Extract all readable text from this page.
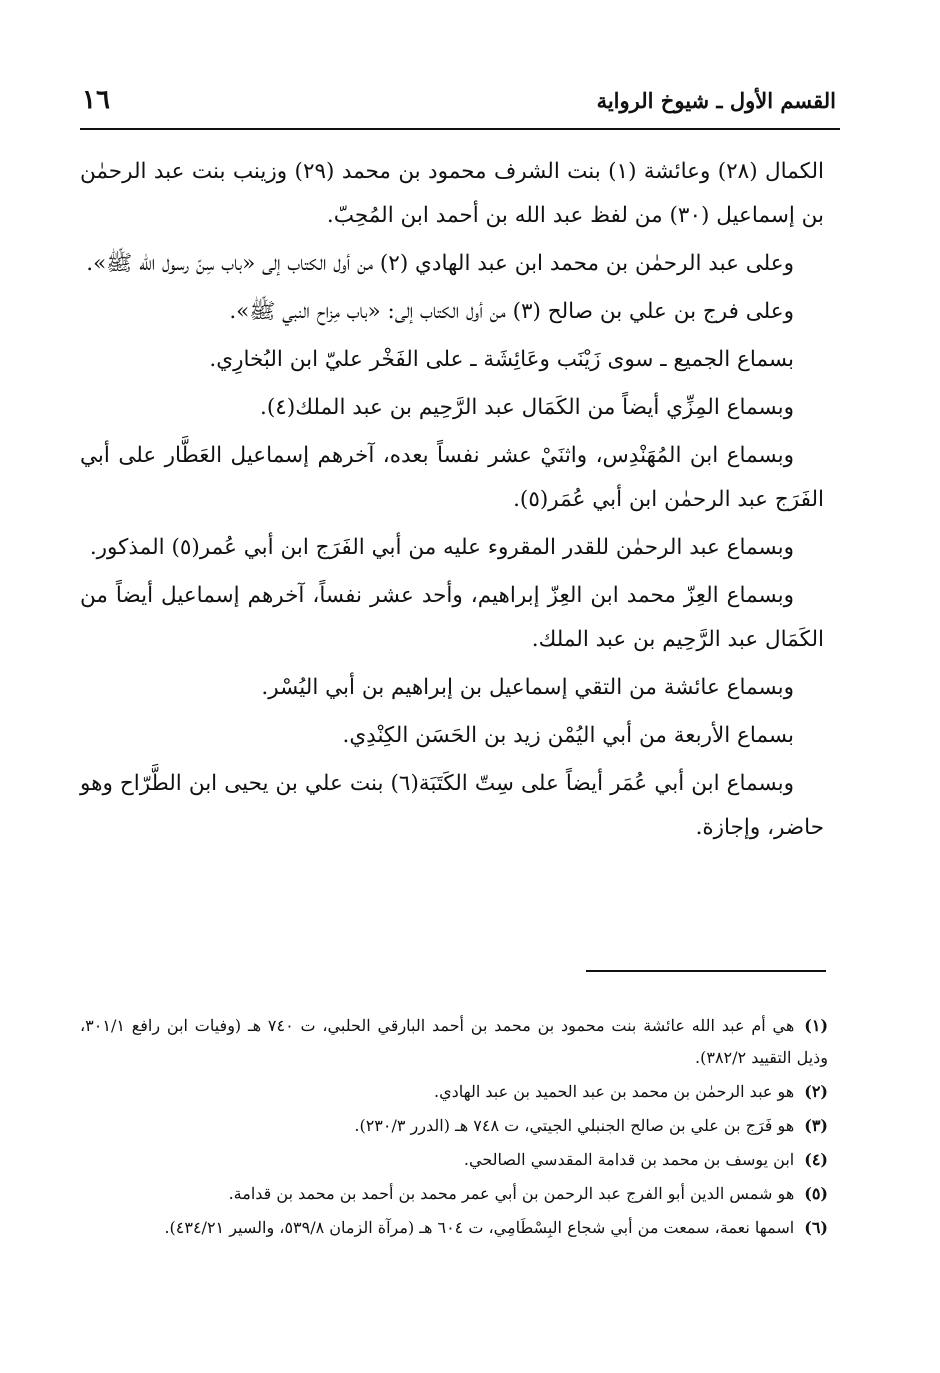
القسم الأول ـ شيوخ الرواية
١٦

الكمال (٢٨) وعائشة (١) بنت الشرف محمود بن محمد (٢٩) وزينب بنت عبد الرحمٰن بن إسماعيل (٣٠) من لفظ عبد الله بن أحمد ابن المُحِبّ.

وعلى عبد الرحمٰن بن محمد ابن عبد الهادي (٢) من أول الكتاب إلى «باب سِنّ رسول الله ﷺ».

وعلى فرج بن علي بن صالح (٣) من أول الكتاب إلى: «باب مِزاح النبي ﷺ».

بسماع الجميع ـ سوى زَيْنَب وعَائِشَة ـ على الفَخْر عليّ ابن البُخارِي.

وبسماع المِزِّي أيضاً من الكَمَال عبد الرَّحِيم بن عبد الملك(٤).

وبسماع ابن المُهَنْدِس، واثنَيْ عشر نفساً بعده، آخرهم إسماعيل العَطَّار على أبي الفَرَج عبد الرحمٰن ابن أبي عُمَر(٥).

وبسماع عبد الرحمٰن للقدر المقروء عليه من أبي الفَرَج ابن أبي عُمر(٥) المذكور.

وبسماع العِزّ محمد ابن العِزّ إبراهيم، وأحد عشر نفساً، آخرهم إسماعيل أيضاً من الكَمَال عبد الرَّحِيم بن عبد الملك.

وبسماع عائشة من التقي إسماعيل بن إبراهيم بن أبي اليُسْر.

بسماع الأربعة من أبي اليُمْن زيد بن الحَسَن الكِنْدِي.

وبسماع ابن أبي عُمَر أيضاً على سِتّ الكَتَبَة(٦) بنت علي بن يحيى ابن الطَّرّاح وهو حاضر، وإجازة.

(١)هي أم عبد الله عائشة بنت محمود بن محمد بن أحمد البارقي الحلبي، ت ٧٤٠ هـ (وفيات ابن رافع ٣٠١/١، وذيل التقييد ٣٨٢/٢).

(٢)هو عبد الرحمٰن بن محمد بن عبد الحميد بن عبد الهادي.

(٣)هو فَرَج بن علي بن صالح الجنبلي الجيتي، ت ٧٤٨ هـ (الدرر ٢٣٠/٣).

(٤)ابن يوسف بن محمد بن قدامة المقدسي الصالحي.

(٥)هو شمس الدين أبو الفرج عبد الرحمن بن أبي عمر محمد بن أحمد بن محمد بن قدامة.

(٦)اسمها نعمة، سمعت من أبي شجاع البِسْطَامِي، ت ٦٠٤ هـ (مرآة الزمان ٥٣٩/٨، والسير ٤٣٤/٢١).
